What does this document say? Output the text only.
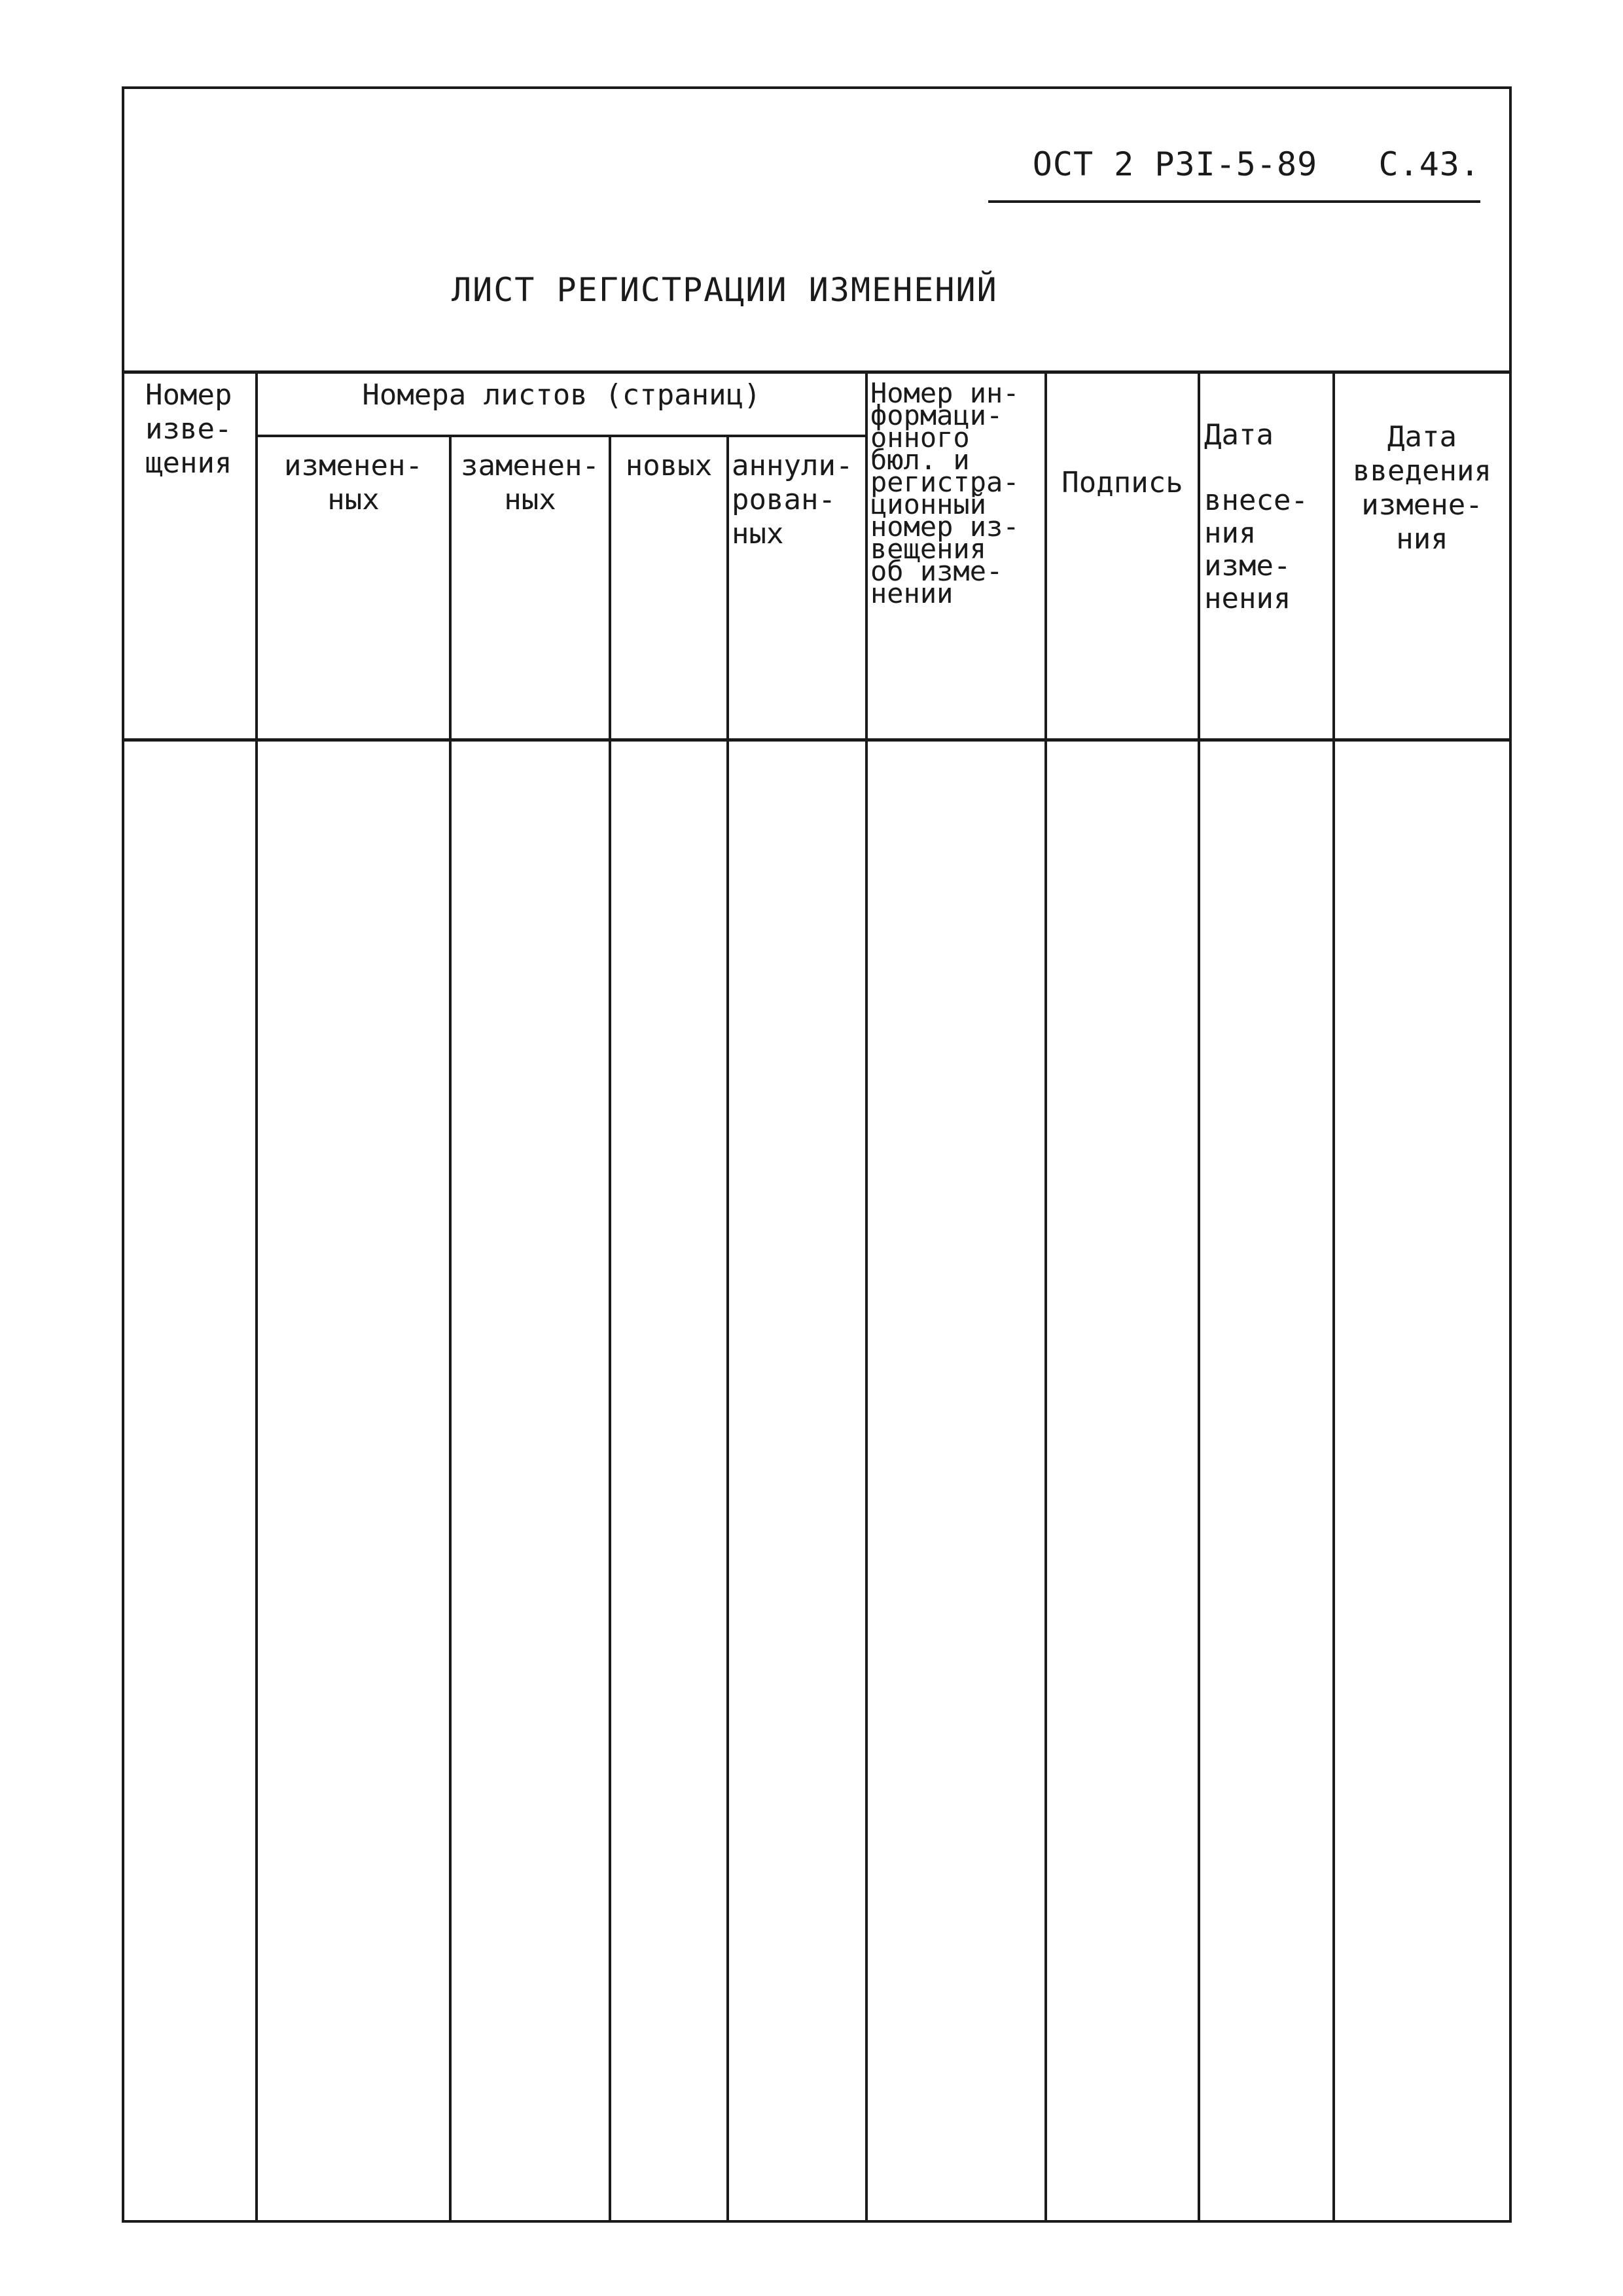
ОСТ 2 РЗI-5-89 С.43.
ЛИСТ РЕГИСТРАЦИИ ИЗМЕНЕНИЙ
Номер
изве-
щения
Номера листов (страниц)
изменен-
ных
заменен-
ных
новых аннули-
рован-
ных
Номер ин-
формаци-
онного
бюл. и
регистра-
ционный
номер из-
вещения
об изме-
нении
Подпись
Дата

внесе-
ния
изме-
нения
Дата
введения
измене-
ния
